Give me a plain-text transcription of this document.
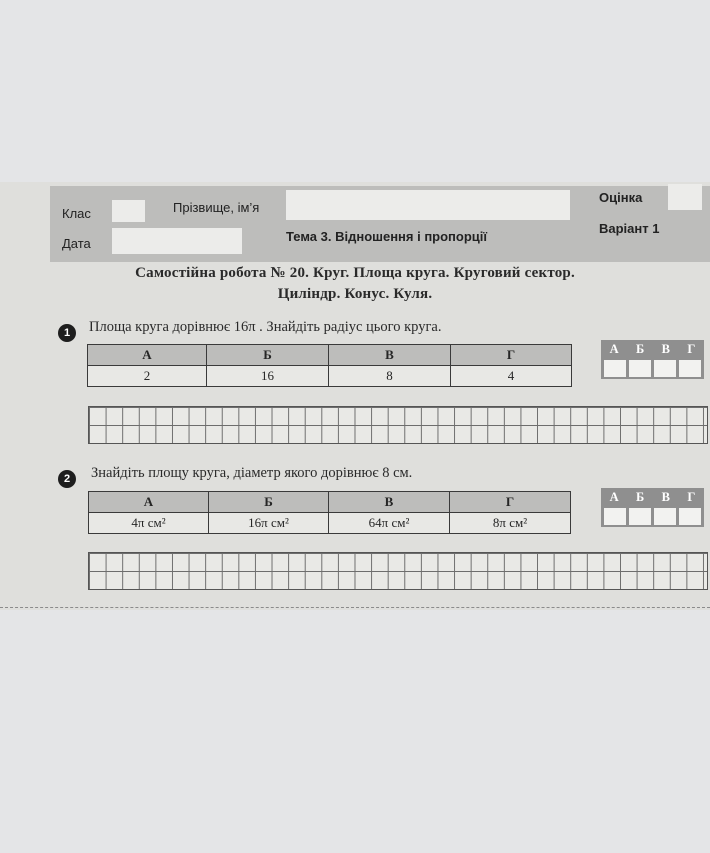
Клас	Прізвище, ім’я
Оцінка
Дата	Тема 3. Відношення і пропорції
Варіант 1
Самостійна робота № 20. Круг. Площа круга. Круговий сектор.
Циліндр. Конус. Куля.
1	Площа круга дорівнює 16π . Знайдіть радіус цього круга.
А	Б	В	Г
2	16	8	4
А Б В Г
2	Знайдіть площу круга, діаметр якого дорівнює 8 см.
А	Б	В	Г
4π см²	16π см²	64π см²	8π см²
А Б В Г
